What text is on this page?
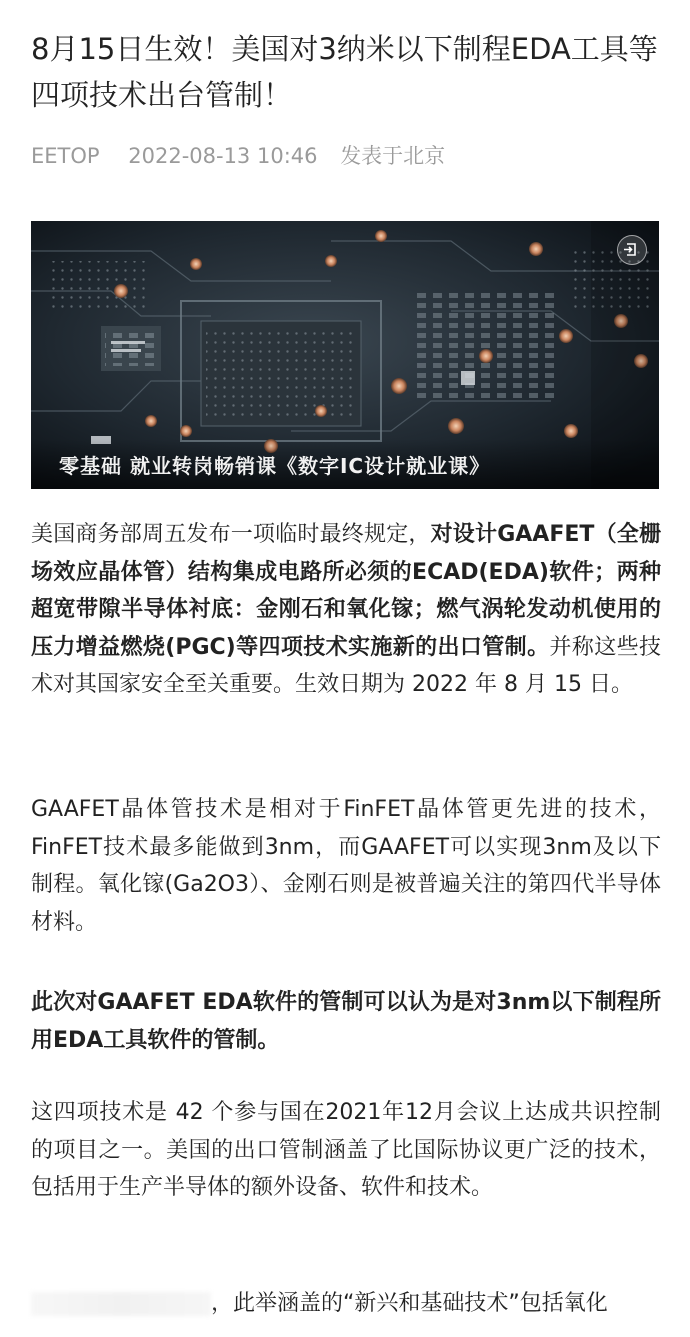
8月15日生效！美国对3纳米以下制程EDA工具等四项技术出台管制！
EETOP 2022-08-13 10:46 发表于北京
零基础 就业转岗畅销课《数字IC设计就业课》

美国商务部周五发布一项临时最终规定，对设计GAAFET（全栅场效应晶体管）结构集成电路所必须的ECAD(EDA)软件；两种超宽带隙半导体衬底：金刚石和氧化镓；燃气涡轮发动机使用的压力增益燃烧(PGC)等四项技术实施新的出口管制。并称这些技术对其国家安全至关重要。生效日期为 2022 年 8 月 15 日。

GAAFET晶体管技术是相对于FinFET晶体管更先进的技术，FinFET技术最多能做到3nm，而GAAFET可以实现3nm及以下制程。氧化镓(Ga2O3）、金刚石则是被普遍关注的第四代半导体材料。

此次对GAAFET EDA软件的管制可以认为是对3nm以下制程所用EDA工具软件的管制。

这四项技术是 42 个参与国在2021年12月会议上达成共识控制的项目之一。美国的出口管制涵盖了比国际协议更广泛的技术，包括用于生产半导体的额外设备、软件和技术。

，此举涵盖的“新兴和基础技术”包括氧化
